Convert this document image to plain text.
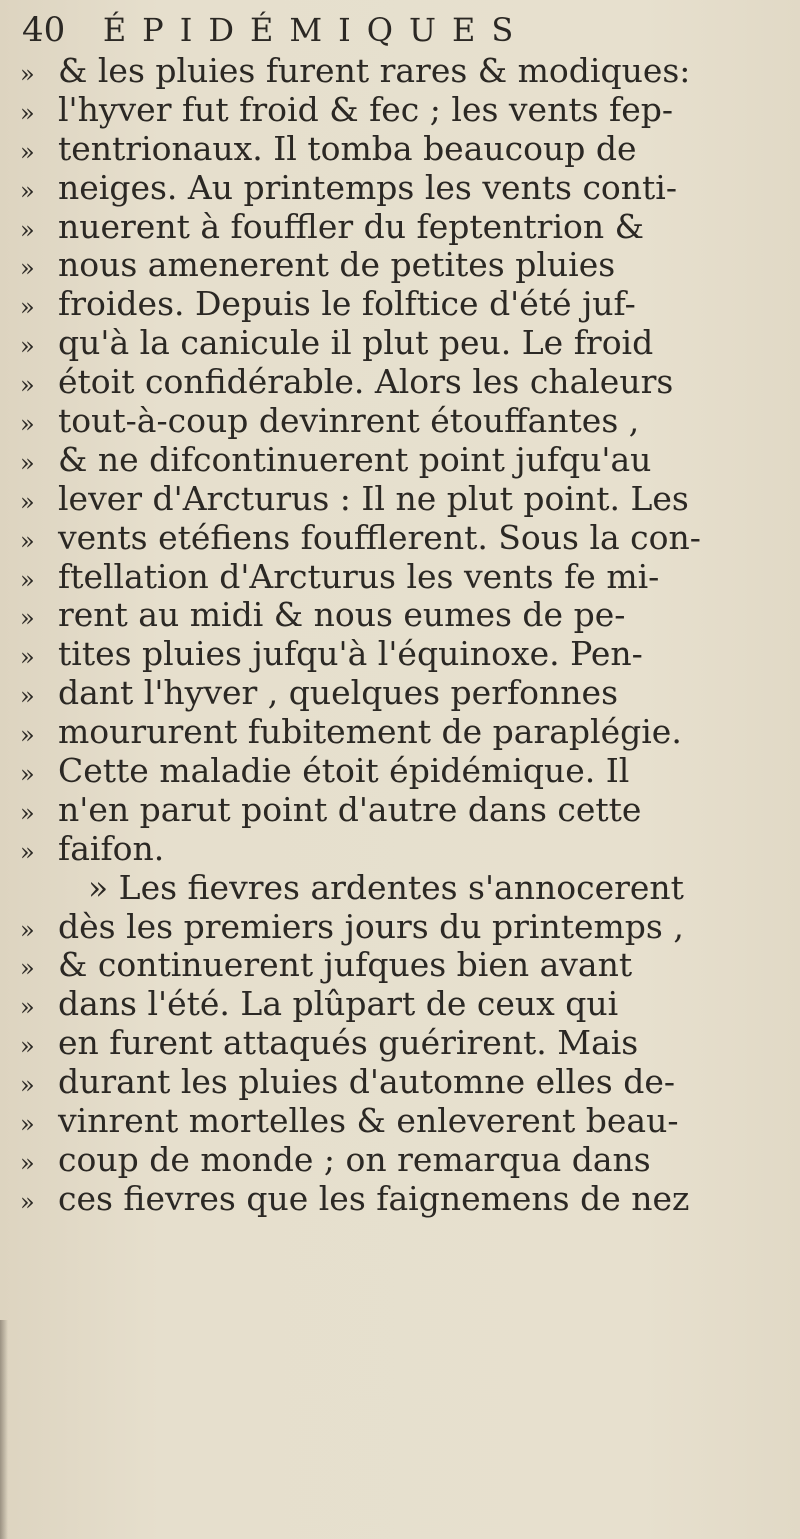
40 ÉPIDÉMIQUES
» & les pluies furent rares & modiques:
» l'hyver fut froid & fec ; les vents fep-
» tentrionaux. Il tomba beaucoup de
» neiges. Au printemps les vents conti-
» nuerent à fouffler du feptentrion &
» nous amenerent de petites pluies
» froides. Depuis le folftice d'été juf-
» qu'à la canicule il plut peu. Le froid
» étoit confidérable. Alors les chaleurs
» tout-à-coup devinrent étouffantes ,
» & ne difcontinuerent point jufqu'au
» lever d'Arcturus : Il ne plut point. Les
» vents etéfiens foufflerent. Sous la con-
» ftellation d'Arcturus les vents fe mi-
» rent au midi & nous eumes de pe-
» tites pluies jufqu'à l'équinoxe. Pen-
» dant l'hyver , quelques perfonnes
» moururent fubitement de paraplégie.
» Cette maladie étoit épidémique. Il
» n'en parut point d'autre dans cette
» faifon.
» Les fievres ardentes s'annocerent
» dès les premiers jours du printemps ,
» & continuerent jufques bien avant
» dans l'été. La plûpart de ceux qui
» en furent attaqués guérirent. Mais
» durant les pluies d'automne elles de-
» vinrent mortelles & enleverent beau-
» coup de monde ; on remarqua dans
» ces fievres que les faignemens de nez
